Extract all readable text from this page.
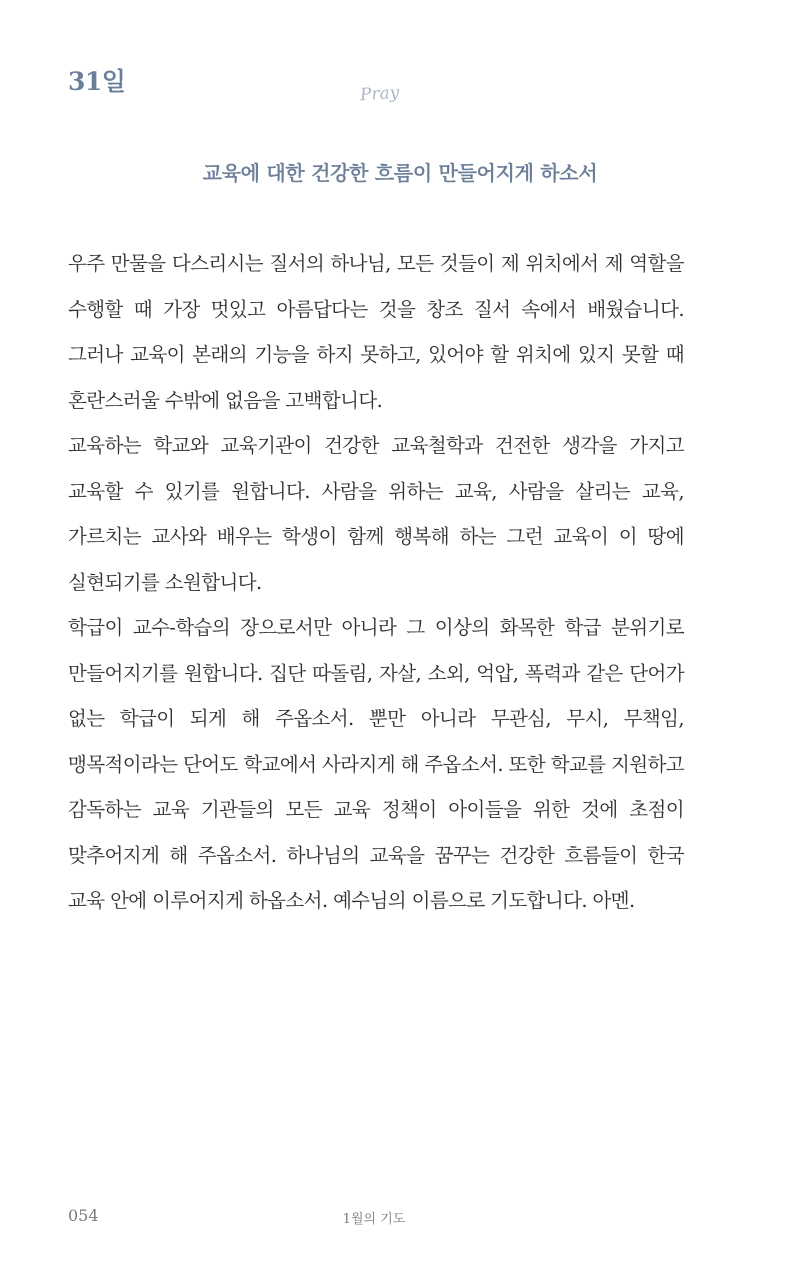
31일	Pray
교육에 대한 건강한 흐름이 만들어지게 하소서

우주 만물을 다스리시는 질서의 하나님, 모든 것들이 제 위치에서 제 역할을 수행할 때 가장 멋있고 아름답다는 것을 창조 질서 속에서 배웠습니다. 그러나 교육이 본래의 기능을 하지 못하고, 있어야 할 위치에 있지 못할 때 혼란스러울 수밖에 없음을 고백합니다.

교육하는 학교와 교육기관이 건강한 교육철학과 건전한 생각을 가지고 교육할 수 있기를 원합니다. 사람을 위하는 교육, 사람을 살리는 교육, 가르치는 교사와 배우는 학생이 함께 행복해 하는 그런 교육이 이 땅에 실현되기를 소원합니다.

학급이 교수-학습의 장으로서만 아니라 그 이상의 화목한 학급 분위기로 만들어지기를 원합니다. 집단 따돌림, 자살, 소외, 억압, 폭력과 같은 단어가 없는 학급이 되게 해 주옵소서. 뿐만 아니라 무관심, 무시, 무책임, 맹목적이라는 단어도 학교에서 사라지게 해 주옵소서. 또한 학교를 지원하고 감독하는 교육 기관들의 모든 교육 정책이 아이들을 위한 것에 초점이 맞추어지게 해 주옵소서. 하나님의 교육을 꿈꾸는 건강한 흐름들이 한국 교육 안에 이루어지게 하옵소서. 예수님의 이름으로 기도합니다. 아멘.

054	1월의 기도
